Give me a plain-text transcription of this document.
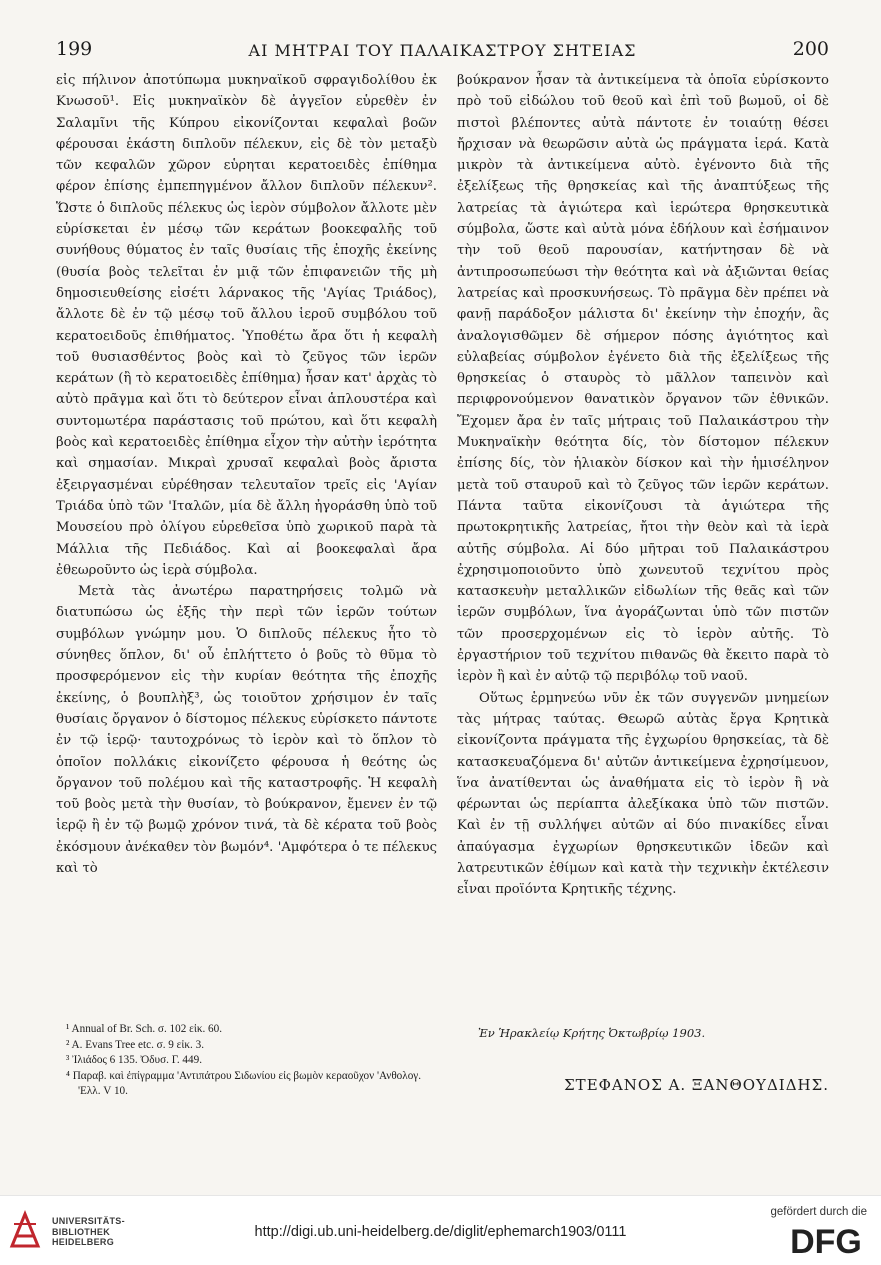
199	ΑΙ ΜΗΤΡΑΙ ΤΟΥ ΠΑΛΑΙΚΑΣΤΡΟΥ ΣΗΤΕΙΑΣ	200

εἰς πήλινον ἀποτύπωμα μυκηναϊκοῦ σφραγιδολίθου ἐκ Κνωσοῦ¹. Εἰς μυκηναϊκὸν δὲ ἀγγεῖον εὑρεθὲν ἐν Σαλαμῖνι τῆς Κύπρου εἰκονίζονται κεφαλαὶ βοῶν φέρουσαι ἑκάστη διπλοῦν πέλεκυν, εἰς δὲ τὸν μεταξὺ τῶν κεφαλῶν χῶρον εὑρηται κερατοειδὲς ἐπίθημα φέρον ἐπίσης ἐμπεπηγμένον ἄλλον διπλοῦν πέλεκυν². Ὥστε ὁ διπλοῦς πέλεκυς ὡς ἱερὸν σύμβολον ἄλλοτε μὲν εὑρίσκεται ἐν μέσῳ τῶν κεράτων βοοκεφαλῆς τοῦ συνήθους θύματος ἐν ταῖς θυσίαις τῆς ἐποχῆς ἐκείνης (θυσία βοὸς τελεῖται ἐν μιᾷ τῶν ἐπιφανειῶν τῆς μὴ δημοσιευθείσης εἰσέτι λάρνακος τῆς 'Αγίας Τριάδος), ἄλλοτε δὲ ἐν τῷ μέσῳ τοῦ ἄλλου ἱεροῦ συμβόλου τοῦ κερατοειδοῦς ἐπιθήματος. Ὑποθέτω ἄρα ὅτι ἡ κεφαλὴ τοῦ θυσιασθέντος βοὸς καὶ τὸ ζεῦγος τῶν ἱερῶν κεράτων (ἢ τὸ κερατοειδὲς ἐπίθημα) ἦσαν κατ' ἀρχὰς τὸ αὐτὸ πρᾶγμα καὶ ὅτι τὸ δεύτερον εἶναι ἁπλουστέρα καὶ συντομωτέρα παράστασις τοῦ πρώτου, καὶ ὅτι κεφαλὴ βοὸς καὶ κερατοειδὲς ἐπίθημα εἶχον τὴν αὐτὴν ἱερότητα καὶ σημασίαν. Μικραὶ χρυσαῖ κεφαλαὶ βοὸς ἄριστα ἐξειργασμέναι εὑρέθησαν τελευταῖον τρεῖς εἰς 'Αγίαν Τριάδα ὑπὸ τῶν 'Ιταλῶν, μία δὲ ἄλλη ἠγοράσθη ὑπὸ τοῦ Μουσείου πρὸ ὀλίγου εὑρεθεῖσα ὑπὸ χωρικοῦ παρὰ τὰ Μάλλια τῆς Πεδιάδος. Καὶ αἱ βοοκεφαλαὶ ἄρα ἐθεωροῦντο ὡς ἱερὰ σύμβολα.

Μετὰ τὰς ἀνωτέρω παρατηρήσεις τολμῶ νὰ διατυπώσω ὡς ἑξῆς τὴν περὶ τῶν ἱερῶν τούτων συμβόλων γνώμην μου. Ὁ διπλοῦς πέλεκυς ἦτο τὸ σύνηθες ὅπλον, δι' οὗ ἐπλήττετο ὁ βοῦς τὸ θῦμα τὸ προσφερόμενον εἰς τὴν κυρίαν θεότητα τῆς ἐποχῆς ἐκείνης, ὁ βουπλὴξ³, ὡς τοιοῦτον χρήσιμον ἐν ταῖς θυσίαις ὄργανον ὁ δίστομος πέλεκυς εὑρίσκετο πάντοτε ἐν τῷ ἱερῷ· ταυτοχρόνως τὸ ἱερὸν καὶ τὸ ὅπλον τὸ ὁποῖον πολλάκις εἰκονίζετο φέρουσα ἡ θεότης ὡς ὄργανον τοῦ πολέμου καὶ τῆς καταστροφῆς. Ἡ κεφαλὴ τοῦ βοὸς μετὰ τὴν θυσίαν, τὸ βούκρανον, ἔμενεν ἐν τῷ ἱερῷ ἢ ἐν τῷ βωμῷ χρόνον τινά, τὰ δὲ κέρατα τοῦ βοὸς ἐκόσμουν ἀνέκαθεν τὸν βωμόν⁴. 'Αμφότερα ὁ τε πέλεκυς καὶ τὸ

βούκρανον ἦσαν τὰ ἀντικείμενα τὰ ὁποῖα εὑρίσκοντο πρὸ τοῦ εἰδώλου τοῦ θεοῦ καὶ ἐπὶ τοῦ βωμοῦ, οἱ δὲ πιστοὶ βλέποντες αὐτὰ πάντοτε ἐν τοιαύτῃ θέσει ἤρχισαν νὰ θεωρῶσιν αὐτὰ ὡς πράγματα ἱερά. Κατὰ μικρὸν τὰ ἀντικείμενα αὐτὸ. ἐγένοντο διὰ τῆς ἐξελίξεως τῆς θρησκείας καὶ τῆς ἀναπτύξεως τῆς λατρείας τὰ ἁγιώτερα καὶ ἱερώτερα θρησκευτικὰ σύμβολα, ὥστε καὶ αὐτὰ μόνα ἐδήλουν καὶ ἐσήμαινον τὴν τοῦ θεοῦ παρουσίαν, κατήντησαν δὲ νὰ ἀντιπροσωπεύωσι τὴν θεότητα καὶ νὰ ἀξιῶνται θείας λατρείας καὶ προσκυνήσεως. Τὸ πρᾶγμα δὲν πρέπει νὰ φανῇ παράδοξον μάλιστα δι' ἐκείνην τὴν ἐποχήν, ἂς ἀναλογισθῶμεν δὲ σήμερον πόσης ἁγιότητος καὶ εὐλαβείας σύμβολον ἐγένετο διὰ τῆς ἐξελίξεως τῆς θρησκείας ὁ σταυρὸς τὸ μᾶλλον ταπεινὸν καὶ περιφρονούμενον θανατικὸν ὄργανον τῶν ἐθνικῶν. Ἔχομεν ἄρα ἐν ταῖς μήτραις τοῦ Παλαικάστρου τὴν Μυκηναϊκὴν θεότητα δίς, τὸν δίστομον πέλεκυν ἐπίσης δίς, τὸν ἡλιακὸν δίσκον καὶ τὴν ἡμισέληνον μετὰ τοῦ σταυροῦ καὶ τὸ ζεῦγος τῶν ἱερῶν κεράτων. Πάντα ταῦτα εἰκονίζουσι τὰ ἁγιώτερα τῆς πρωτοκρητικῆς λατρείας, ἤτοι τὴν θεὸν καὶ τὰ ἱερὰ αὐτῆς σύμβολα. Αἱ δύο μῆτραι τοῦ Παλαικάστρου ἐχρησιμοποιοῦντο ὑπὸ χωνευτοῦ τεχνίτου πρὸς κατασκευὴν μεταλλικῶν εἰδωλίων τῆς θεᾶς καὶ τῶν ἱερῶν συμβόλων, ἵνα ἀγοράζωνται ὑπὸ τῶν πιστῶν τῶν προσερχομένων εἰς τὸ ἱερὸν αὐτῆς. Τὸ ἐργαστήριον τοῦ τεχνίτου πιθανῶς θὰ ἔκειτο παρὰ τὸ ἱερὸν ἢ καὶ ἐν αὐτῷ τῷ περιβόλῳ τοῦ ναοῦ.

Οὕτως ἑρμηνεύω νῦν ἐκ τῶν συγγενῶν μνημείων τὰς μήτρας ταύτας. Θεωρῶ αὐτὰς ἔργα Κρητικὰ εἰκονίζοντα πράγματα τῆς ἐγχωρίου θρησκείας, τὰ δὲ κατασκευαζόμενα δι' αὐτῶν ἀντικείμενα ἐχρησίμευον, ἵνα ἀνατίθενται ὡς ἀναθήματα εἰς τὸ ἱερὸν ἢ νὰ φέρωνται ὡς περίαπτα ἀλεξίκακα ὑπὸ τῶν πιστῶν. Καὶ ἐν τῇ συλλήψει αὐτῶν αἱ δύο πινακίδες εἶναι ἀπαύγασμα ἐγχωρίων θρησκευτικῶν ἰδεῶν καὶ λατρευτικῶν ἐθίμων καὶ κατὰ τὴν τεχνικὴν ἐκτέλεσιν εἶναι προϊόντα Κρητικῆς τέχνης.

¹ Annual of Br. Sch. σ. 102 εἰκ. 60.
² A. Evans Tree etc. σ. 9 εἰκ. 3.
³ Ἰλιάδος 6 135. Ὀδυσ. Γ. 449.
⁴ Παραβ. καὶ ἐπίγραμμα 'Αντιπάτρου Σιδωνίου εἰς βωμὸν κεραοῦχον 'Ανθολογ. 'Ελλ. V 10.
Ἐν Ἡρακλείῳ Κρήτης Ὀκτωβρίῳ 1903.
ΣΤΕΦΑΝΟΣ Α. ΞΑΝΘΟΥΔΙΔΗΣ.
UNIVERSITÄTS-
BIBLIOTHEK
HEIDELBERG
http://digi.ub.uni-heidelberg.de/diglit/ephemarch1903/0111
gefördert durch die
DFG
